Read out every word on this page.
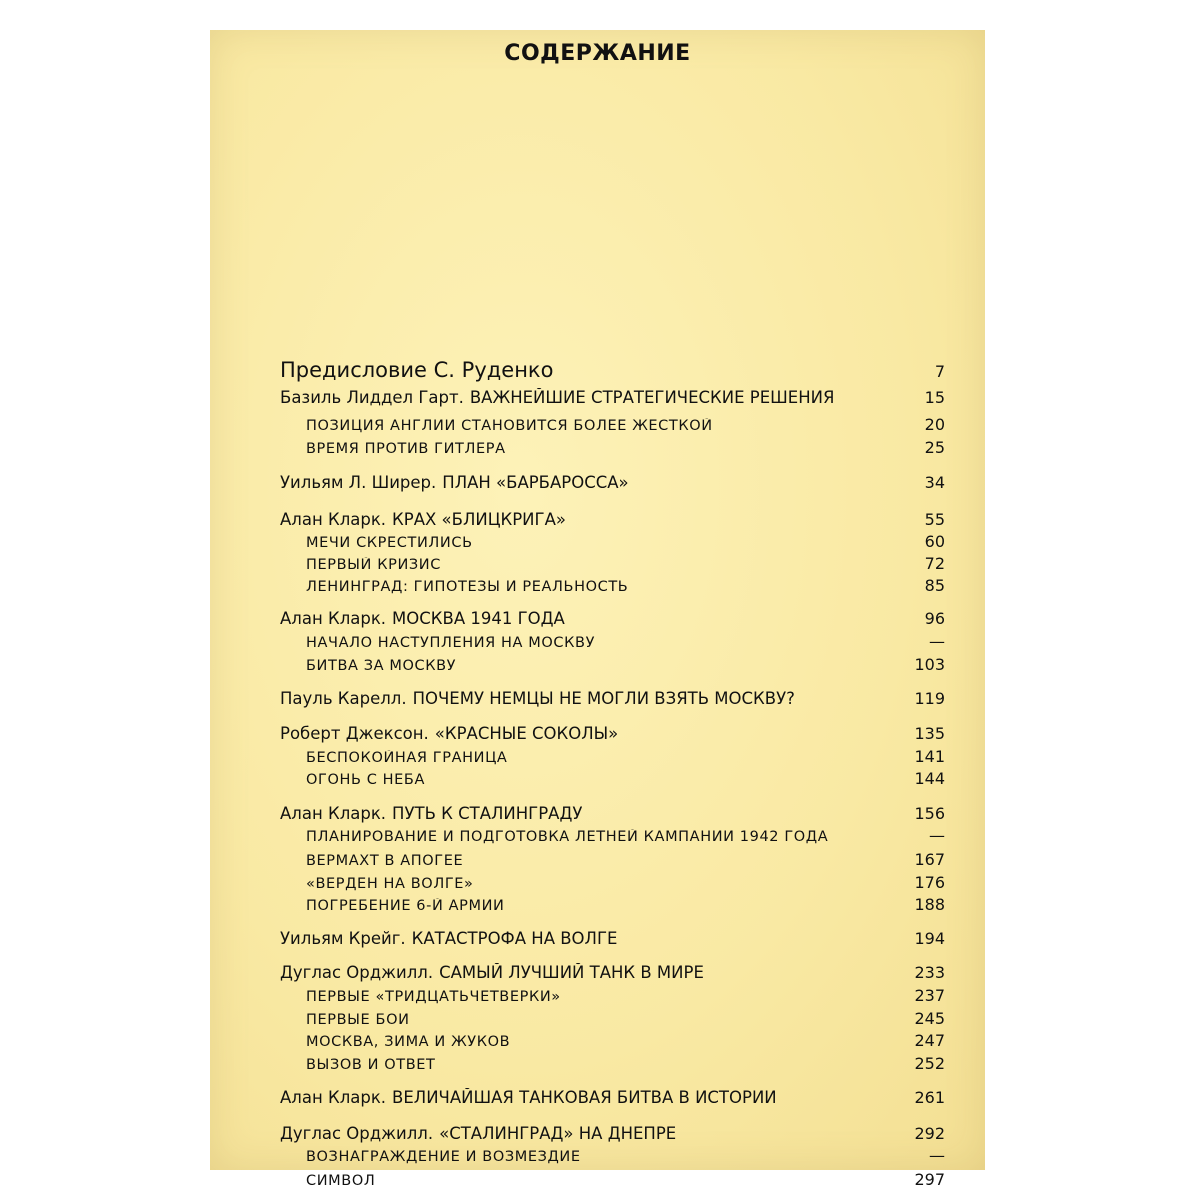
СОДЕРЖАНИЕ
Предисловие С. Руденко	7
Базиль Лиддел Гарт. ВАЖНЕЙШИЕ СТРАТЕГИЧЕСКИЕ РЕШЕНИЯ	15
ПОЗИЦИЯ АНГЛИИ СТАНОВИТСЯ БОЛЕЕ ЖЕСТКОЙ	20
ВРЕМЯ ПРОТИВ ГИТЛЕРА	25
Уильям Л. Ширер. ПЛАН «БАРБАРОССА»	34
Алан Кларк. КРАХ «БЛИЦКРИГА»	55
МЕЧИ СКРЕСТИЛИСЬ	60
ПЕРВЫЙ КРИЗИС	72
ЛЕНИНГРАД: ГИПОТЕЗЫ И РЕАЛЬНОСТЬ	85
Алан Кларк. МОСКВА 1941 ГОДА	96
НАЧАЛО НАСТУПЛЕНИЯ НА МОСКВУ	—
БИТВА ЗА МОСКВУ	103
Пауль Карелл. ПОЧЕМУ НЕМЦЫ НЕ МОГЛИ ВЗЯТЬ МОСКВУ?	119
Роберт Джексон. «КРАСНЫЕ СОКОЛЫ»	135
БЕСПОКОЙНАЯ ГРАНИЦА	141
ОГОНЬ С НЕБА	144
Алан Кларк. ПУТЬ К СТАЛИНГРАДУ	156
ПЛАНИРОВАНИЕ И ПОДГОТОВКА ЛЕТНЕЙ КАМПАНИИ 1942 ГОДА	—
ВЕРМАХТ В АПОГЕЕ	167
«ВЕРДЕН НА ВОЛГЕ»	176
ПОГРЕБЕНИЕ 6-Й АРМИИ	188
Уильям Крейг. КАТАСТРОФА НА ВОЛГЕ	194
Дуглас Орджилл. САМЫЙ ЛУЧШИЙ ТАНК В МИРЕ	233
ПЕРВЫЕ «ТРИДЦАТЬЧЕТВЕРКИ»	237
ПЕРВЫЕ БОИ	245
МОСКВА, ЗИМА И ЖУКОВ	247
ВЫЗОВ И ОТВЕТ	252
Алан Кларк. ВЕЛИЧАЙШАЯ ТАНКОВАЯ БИТВА В ИСТОРИИ	261
Дуглас Орджилл. «СТАЛИНГРАД» НА ДНЕПРЕ	292
ВОЗНАГРАЖДЕНИЕ И ВОЗМЕЗДИЕ	—
СИМВОЛ	297
